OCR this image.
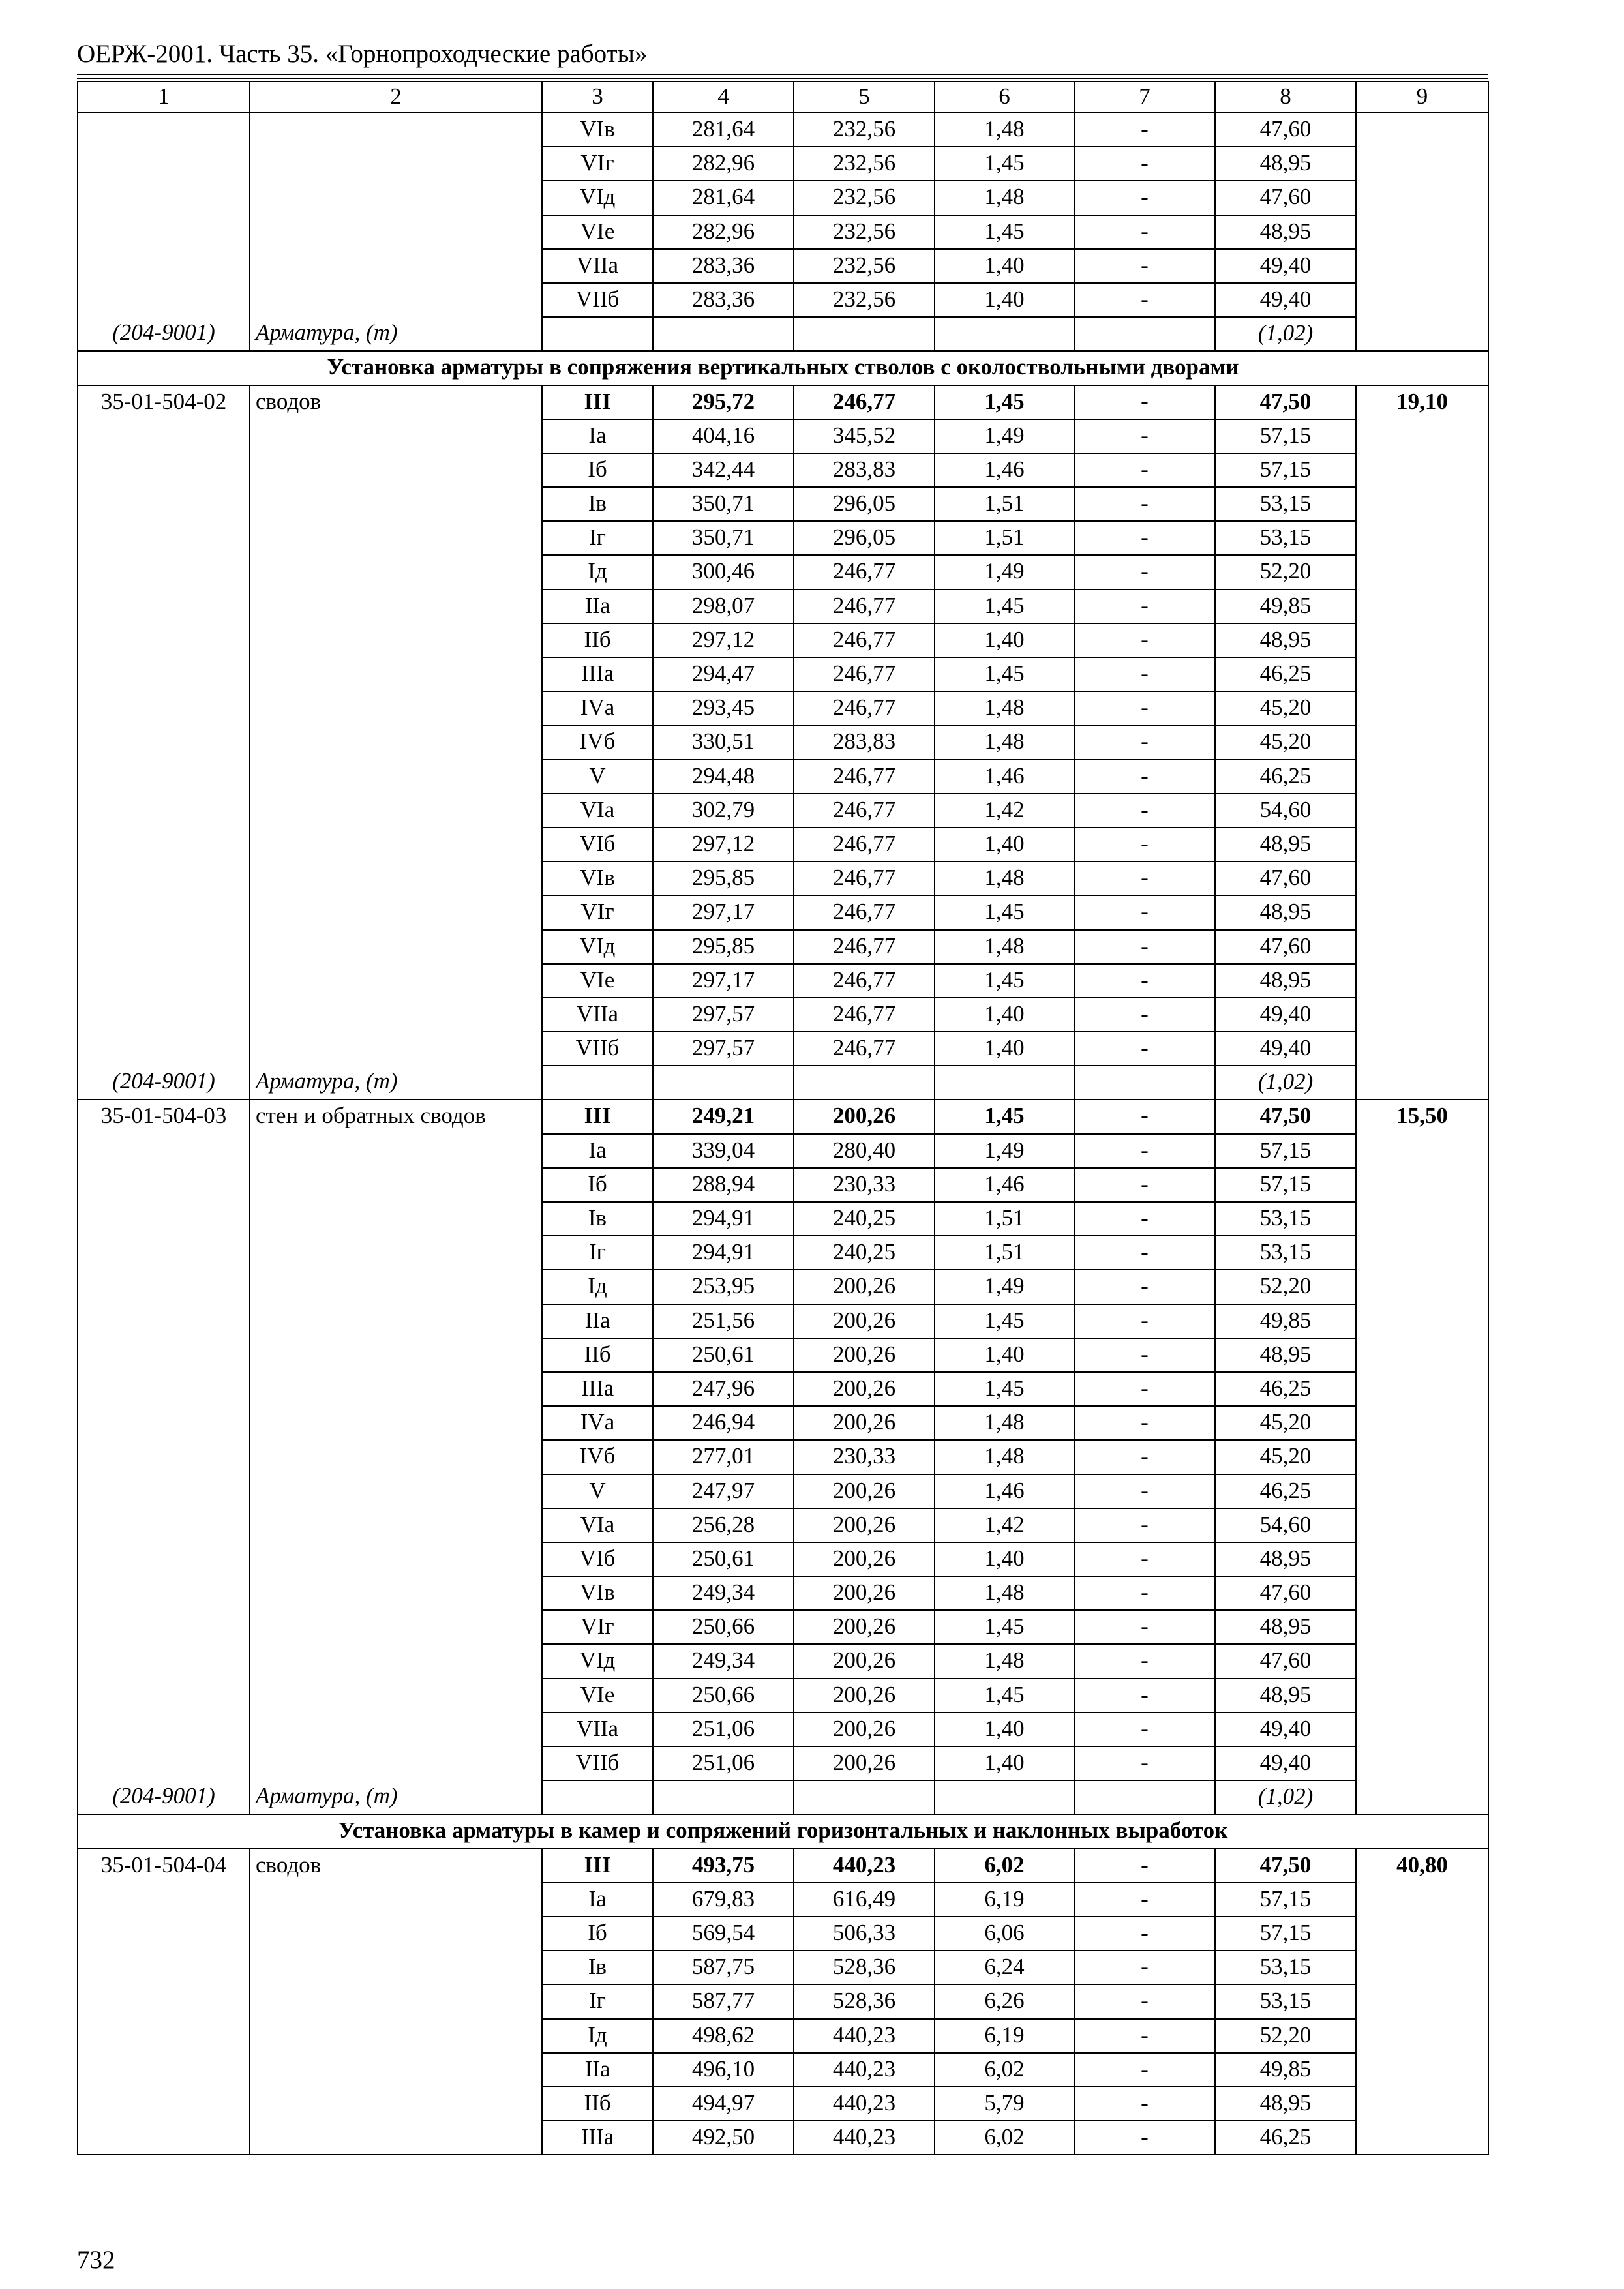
ОЕРЖ-2001. Часть 35. «Горнопроходческие работы»
1	2	3	4	5	6	7	8	9
		VIв	281,64	232,56	1,48	-	47,60	
		VIг	282,96	232,56	1,45	-	48,95	
		VIд	281,64	232,56	1,48	-	47,60	
		VIе	282,96	232,56	1,45	-	48,95	
		VIIа	283,36	232,56	1,40	-	49,40	
		VIIб	283,36	232,56	1,40	-	49,40	
(204-9001)	Арматура, (т)						(1,02)	
Установка арматуры в сопряжения вертикальных стволов с околоствольными дворами								
35-01-504-02	сводов	III	295,72	246,77	1,45	-	47,50	19,10
		Iа	404,16	345,52	1,49	-	57,15	
		Iб	342,44	283,83	1,46	-	57,15	
		Iв	350,71	296,05	1,51	-	53,15	
		Iг	350,71	296,05	1,51	-	53,15	
		Iд	300,46	246,77	1,49	-	52,20	
		IIа	298,07	246,77	1,45	-	49,85	
		IIб	297,12	246,77	1,40	-	48,95	
		IIIа	294,47	246,77	1,45	-	46,25	
		IVа	293,45	246,77	1,48	-	45,20	
		IVб	330,51	283,83	1,48	-	45,20	
		V	294,48	246,77	1,46	-	46,25	
		VIа	302,79	246,77	1,42	-	54,60	
		VIб	297,12	246,77	1,40	-	48,95	
		VIв	295,85	246,77	1,48	-	47,60	
		VIг	297,17	246,77	1,45	-	48,95	
		VIд	295,85	246,77	1,48	-	47,60	
		VIе	297,17	246,77	1,45	-	48,95	
		VIIа	297,57	246,77	1,40	-	49,40	
		VIIб	297,57	246,77	1,40	-	49,40	
(204-9001)	Арматура, (т)						(1,02)	
35-01-504-03	стен и обратных сводов	III	249,21	200,26	1,45	-	47,50	15,50
		Iа	339,04	280,40	1,49	-	57,15	
		Iб	288,94	230,33	1,46	-	57,15	
		Iв	294,91	240,25	1,51	-	53,15	
		Iг	294,91	240,25	1,51	-	53,15	
		Iд	253,95	200,26	1,49	-	52,20	
		IIа	251,56	200,26	1,45	-	49,85	
		IIб	250,61	200,26	1,40	-	48,95	
		IIIа	247,96	200,26	1,45	-	46,25	
		IVа	246,94	200,26	1,48	-	45,20	
		IVб	277,01	230,33	1,48	-	45,20	
		V	247,97	200,26	1,46	-	46,25	
		VIа	256,28	200,26	1,42	-	54,60	
		VIб	250,61	200,26	1,40	-	48,95	
		VIв	249,34	200,26	1,48	-	47,60	
		VIг	250,66	200,26	1,45	-	48,95	
		VIд	249,34	200,26	1,48	-	47,60	
		VIе	250,66	200,26	1,45	-	48,95	
		VIIа	251,06	200,26	1,40	-	49,40	
		VIIб	251,06	200,26	1,40	-	49,40	
(204-9001)	Арматура, (т)						(1,02)	
Установка арматуры в камер и сопряжений горизонтальных и наклонных выработок								
35-01-504-04	сводов	III	493,75	440,23	6,02	-	47,50	40,80
		Iа	679,83	616,49	6,19	-	57,15	
		Iб	569,54	506,33	6,06	-	57,15	
		Iв	587,75	528,36	6,24	-	53,15	
		Iг	587,77	528,36	6,26	-	53,15	
		Iд	498,62	440,23	6,19	-	52,20	
		IIа	496,10	440,23	6,02	-	49,85	
		IIб	494,97	440,23	5,79	-	48,95	
		IIIа	492,50	440,23	6,02	-	46,25	
732
